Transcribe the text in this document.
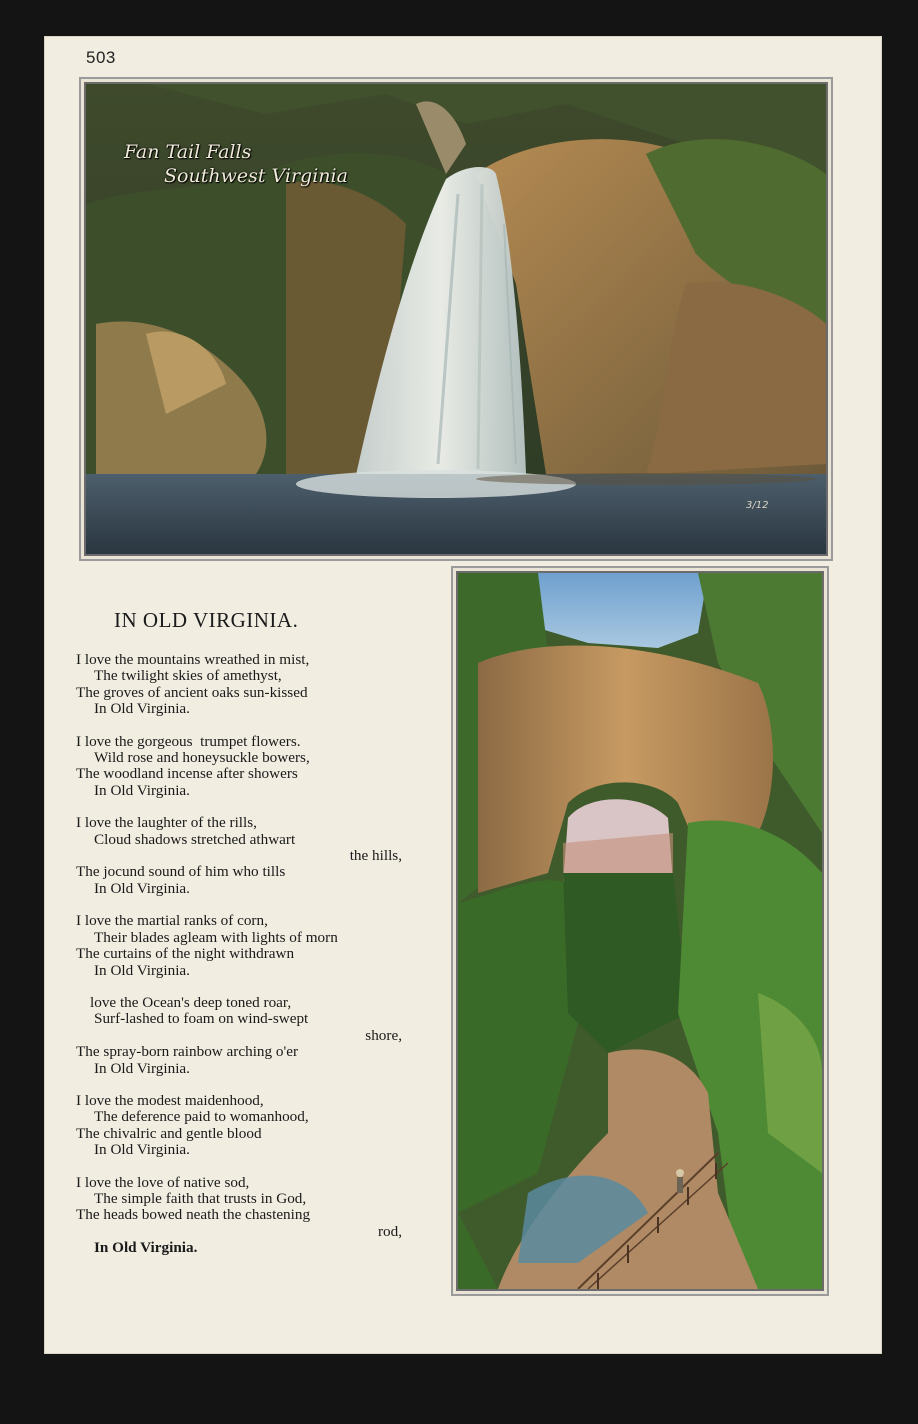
503
Fan Tail Falls
Southwest Virginia
3/12
IN OLD VIRGINIA.
I love the mountains wreathed in mist,
The twilight skies of amethyst,
The groves of ancient oaks sun-kissed
In Old Virginia.
I love the gorgeous  trumpet flowers.
Wild rose and honeysuckle bowers,
The woodland incense after showers
In Old Virginia.
I love the laughter of the rills,
Cloud shadows stretched athwart
the hills,
The jocund sound of him who tills
In Old Virginia.
I love the martial ranks of corn,
Their blades agleam with lights of morn
The curtains of the night withdrawn
In Old Virginia.
love the Ocean's deep toned roar,
Surf-lashed to foam on wind-swept
shore,
The spray-born rainbow arching o'er
In Old Virginia.
I love the modest maidenhood,
The deference paid to womanhood,
The chivalric and gentle blood
In Old Virginia.
I love the love of native sod,
The simple faith that trusts in God,
The heads bowed neath the chastening
rod,
In Old Virginia.
